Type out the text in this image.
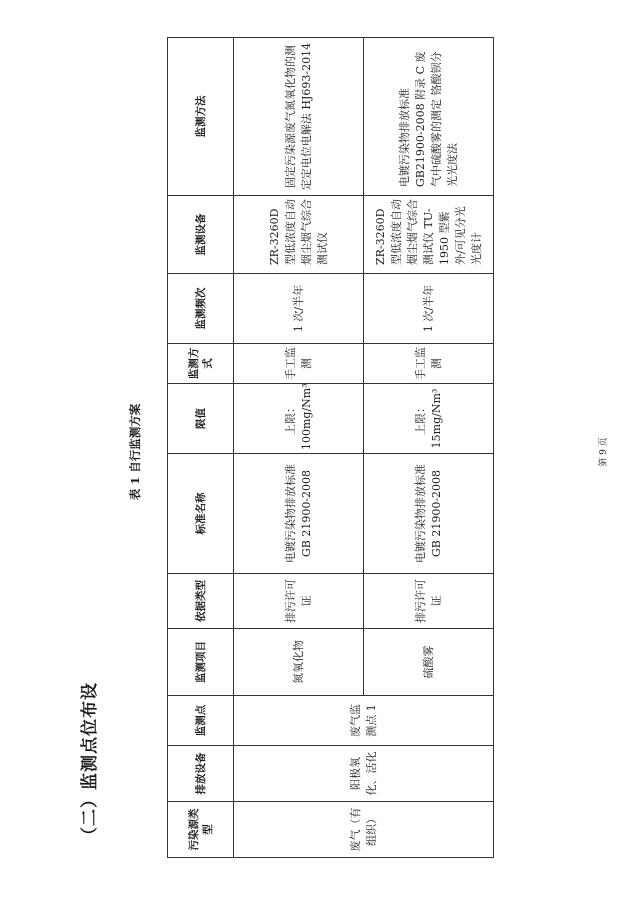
（二）监测点位布设
表 1 自行监测方案
污染源类型	排放设备	监测点	监测项目	依据类型	标准名称	限值	监测方式	监测频次	监测设备	监测方法
废气（有组织）	阳极氧化、活化	废气监测点 1	氮氧化物	排污许可证	电镀污染物排放标准 GB 21900-2008	上限：100mg/Nm³	手工监测	1 次/半年	ZR-3260D 型低浓度自动烟尘烟气综合测试仪	固定污染源废气氮氧化物的测定定电位电解法 HJ693-2014
			硫酸雾	排污许可证	电镀污染物排放标准 GB 21900-2008	上限：15mg/Nm³	手工监测	1 次/半年	ZR-3260D 型低浓度自动烟尘烟气综合测试仪 TU-1950 型紫外/可见分光光度计	电镀污染物排放标准 GB21900-2008 附录 C 废气中硫酸雾的测定 铬酸钡分光光度法
第 9 页
